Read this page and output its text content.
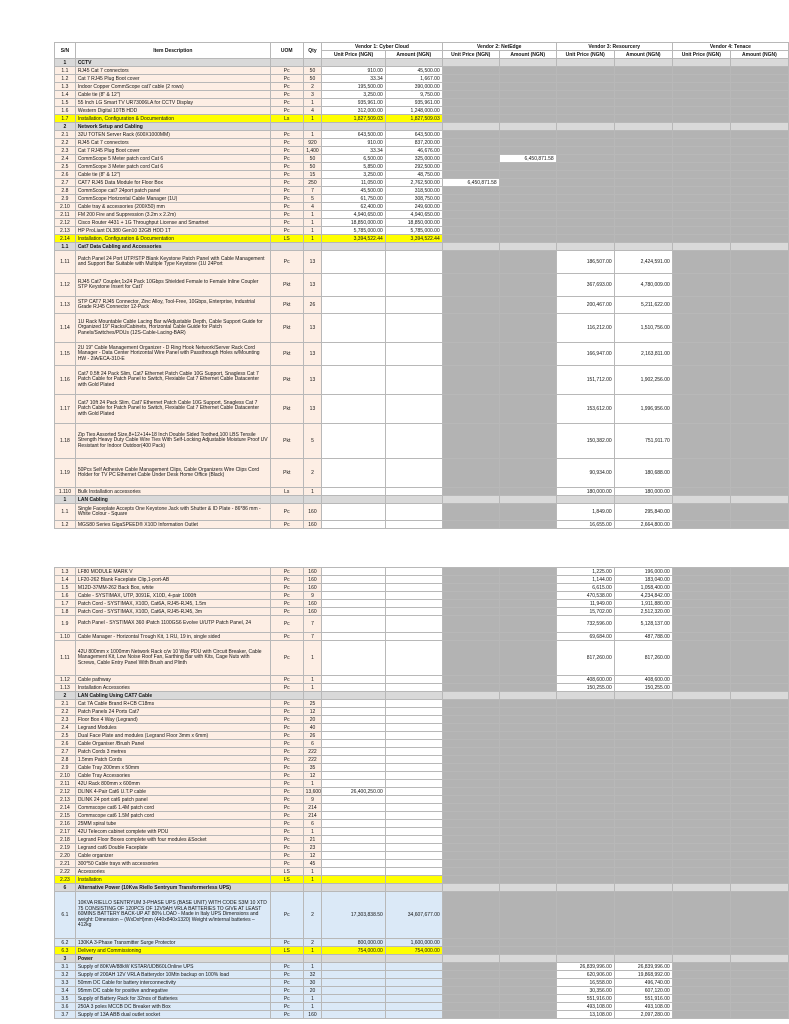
S/N	Item Description	UOM	Qty	Vendor 1: Cyber Cloud		Vendor 2: NetEdge		Vendor 3: Resourcery		Vendor 4: Tenace	
				Unit Price (NGN)	Amount (NGN)	Unit Price (NGN)	Amount (NGN)	Unit Price (NGN)	Amount (NGN)	Unit Price (NGN)	Amount (NGN)
1	CCTV										
1.1	RJ45 Cat 7 connectors	Pc	50	910.00	45,500.00						
1.2	Cat 7 RJ45 Plug Boot cover	Pc	50	33.34	1,667.00						
1.3	Indoor Copper CommScope cat7 cable (2 rows)	Pc	2	195,500.00	390,000.00						
1.4	Cable tie (8" & 12")	Pc	3	3,250.00	9,750.00						
1.5	55 Inch LG Smart TV UR73006LA for CCTV Display	Pc	1	935,961.00	935,961.00						
1.6	Western Digital 10TB HDD	Pc	4	312,000.00	1,248,000.00						
1.7	Installation, Configuration & Documentation	Ls	1	1,827,509.03	1,827,509.03						
2	Network Setup and Cabling										
2.1	32U TOTEN Server Rack (600X1000MM)	Pc	1	643,500.00	643,500.00						
2.2	RJ45 Cat 7 connectors	Pc	920	910.00	837,200.00						
2.3	Cat 7 RJ45 Plug Boot cover	Pc	1,400	33.34	46,676.00						
2.4	CommScope 5 Meter patch cord Cat 6	Pc	50	6,500.00	325,000.00		6,450,871.58				
2.5	CommScope 3 Meter patch cord Cat 6	Pc	50	5,850.00	292,500.00						
2.6	Cable tie (8" & 12")	Pc	15	3,250.00	48,750.00						
2.7	CAT7 RJ45 Data Module for Floor Box	Pc	250	11,050.00	2,762,500.00	6,450,871.58					
2.8	CommScope cat7 24port patch panel	Pc	7	45,500.00	318,500.00						
2.9	CommScope Horizontal Cable Manager (1U)	Pc	5	61,750.00	308,750.00						
2.10	Cable tray & accessories (200X50) mm	Pc	4	62,400.00	249,600.00						
2.11	FM 200 Fire and Suppression (3.2m x 2.2m)	Pc	1	4,940,650.00	4,940,650.00						
2.12	Cisco Router 4431 + 1G Throughput License and Smartnet	Pc	1	18,850,000.00	18,850,000.00						
2.13	HP ProLiant DL380 Gen10 32GB HDD 1T	Pc	1	5,785,000.00	5,785,000.00						
2.14	Installation, Configuration & Documentation	LS	1	3,394,522.44	3,394,522.44						
1.1	Cat7 Data Cabling and Accessories										
1.11	Patch Panel 24 Port UTP/STP Blank Keystone Patch Panel with Cable Management and Support Bar Suitable with Multiple Type Keystone (1U 24Port	Pc	13					186,507.00	2,424,591.00		
1.12	RJ45 Cat7 Coupler,1x24 Pack 10Gbps Shielded Female to Female Inline Coupler STP Keystone Insert for Cat7	Pkt	13					367,693.00	4,780,009.00		
1.13	STP CAT7 RJ45 Connector, Zinc Alloy, Tool-Free, 10Gbps, Enterprise, Industrial Grade RJ45 Connector 12-Pack	Pkt	26					200,467.00	5,211,622.00		
1.14	1U Rack Mountable Cable Lacing Bar w/Adjustable Depth, Cable Support Guide for Organized 19" Racks/Cabinets, Horizontal Cable Guide for Patch Panels/Switches/PDUs (12S-Cable-Lacing-BAR)	Pkt	13					116,212.00	1,510,756.00		
1.15	2U 19" Cable Management Organizer - D Ring Hook Network/Server Rack Cord Manager - Data Center Horizontal Wire Panel with Passthrough Holes w/Mounting HW - 2IA/ECA-310-E	Pkt	13					166,947.00	2,163,811.00		
1.16	Cat7 0.5ft 24 Pack Slim, Cat7 Ethernet Patch Cable 10G Support, Snagless Cat 7 Patch Cable for Patch Panel to Switch, Flexiable Cat 7 Ethernet Cable Datacenter with Gold Plated	Pkt	13					151,712.00	1,902,256.00		
1.17	Cat7 10ft 24 Pack Slim, Cat7 Ethernet Patch Cable 10G Support, Snagless Cat 7 Patch Cable for Patch Panel to Switch, Flexiable Cat 7 Ethernet Cable Datacenter with Gold Plated	Pkt	13					153,612.00	1,996,956.00		
1.18	Zip Ties Assorted Size,8+12+14+18 Inch Double Sided Toothed,100 LBS Tensile Strength Heavy Duty Cable Wire Ties With Self-Locking Adjustable Moisture Proof UV Resistant for Indoor Outdoor(400 Pack)	Pkt	5					150,382.00	751,911.70		
1.19	50Pcs Self Adhesive Cable Management Clips, Cable Organizers Wire Clips Cord Holder for TV PC Ethernet Cable Under Desk Home Office (Black)	Pkt	2					90,934.00	180,688.00		
1.110	Bulk Installation accessories	Ls	1					180,000.00	180,000.00		
1	LAN Cabling										
1.1	Single Faceplate Accepts One Keystone Jack with Shutter & ID Plate - 86*86 mm - White Colour - Square	Pc	160					1,849.00	295,840.00		
1.2	MGS80 Series GigaSPEED® X10D Information Outlet	Pc	160					16,655.00	2,664,800.00		
1.3	LF80 MODULE MARK V	Pc	160					1,225.00	196,000.00		
1.4	LF20-262 Blank Faceplate Clip,1-port-AB	Pc	160					1,144.00	183,040.00		
1.5	M12D-37MM-262 Back Box, white	Pc	160					6,615.00	1,058,400.00		
1.6	Cable - SYSTIMAX, UTP, 3091E, X10D, 4-pair 1000ft	Pc	9					470,538.00	4,234,842.00		
1.7	Patch Cord - SYSTIMAX, X10D, Cat6A, RJ45-RJ45, 1.5m	Pc	160					11,949.00	1,911,880.00		
1.8	Patch Cord - SYSTIMAX, X10D, Cat6A, RJ45-RJ45, 3m	Pc	160					15,702.00	2,512,320.00		
1.9	Patch Panel - SYSTIMAX 360 iPatch 1100GS6 Evolve U/UTP Patch Panel, 24	Pc	7					732,596.00	5,128,137.00		
1.10	Cable Manager - Horizontal Trough Kit, 1 RU, 19 in, single sided	Pc	7					69,684.00	487,788.00		
1.11	42U 800mm x 1000mm Network Rack c/w 10 Way PDU with Circuit Breaker, Cable Management Kit, Low Noise Roof Fan, Earthing Bar with Kits, Cage Nuts with Screws, Cable Entry Panel With Brush and Plinth	Pc	1					817,260.00	817,260.00		
1.12	Cable pathway	Pc	1					408,600.00	408,600.00		
1.13	Installation Accessories	Pc	1					150,255.00	150,255.00		
2	LAN Cabling Using CAT7 Cable										
2.1	Cat 7A Cable Brand R+CB C18ms	Pc	25								
2.2	Patch Panels 24 Ports Cat7	Pc	12								
2.3	Floor Box 4 Way (Legrand)	Pc	20								
2.4	Legrand Modules	Pc	40								
2.5	Dual Face Plate and modules (Legrand Floor 3mm x 6mm)	Pc	26								
2.6	Cable Organiser /Brush Panel	Pc	6								
2.7	Patch Cords 3 metres	Pc	222								
2.8	1.5mm Patch Cords	Pc	222								
2.9	Cable Tray 200mm x 50mm	Pc	35								
2.10	Cable Tray Accessories	Pc	12								
2.11	42U Rack 800mm x 600mm	Pc	1								
2.12	DLINK 4-Pair Cat6 U.T.P cable	Pc	13,600	26,400,250.00							
2.13	DLINK 24 port cat6 patch panel	Pc	9								
2.14	Commscope cat6 1.4M patch cord	Pc	214								
2.15	Commscope cat6 1.5M patch cord	Pc	214								
2.16	25MM spiral tube	Pc	6								
2.17	42U Telecom cabinet complete with PDU	Pc	1								
2.18	Legrand Floor Boxes complete with four modules &Socket	Pc	21								
2.19	Legrand cat6 Double Faceplate	Pc	23								
2.20	Cable organizer	Pc	12								
2.21	300*50 Cable trays with accessories	Pc	45								
2.22	Accessories	LS	1								
2.23	Installation	LS	1								
6	Alternative Power (10Kva Riello Sentryum Transformerless UPS)										
6.1	10KVA RIELLO SENTRYUM 3-PHASE UPS (BASE UNIT) WITH CODE S3M 10 XTD 75 CONSISTING OF 120PCS OF 12V9AH VRLA BATTERIES TO GIVE AT LEAST 60MINS BATTERY BACK-UP AT 80% LOAD - Made in Italy UPS Dimensions and weight: Dimension – (WxDxH)mm (440x840x1320) Weight w/internal batteries – 412kg	Pc	2	17,303,838.50	34,607,677.00						
6.2	130KA 3-Phase Transmitter Surge Protector	Pc	2	800,000.00	1,600,000.00						
6.3	Delivery and Commissioning	LS	1	754,000.00	754,000.00						
3	Power										
3.1	Supply of 80KVA/88kW KSTAR/UDB60LOnline UPS	Pc	1					26,839,996.00	26,839,996.00		
3.2	Supply of 200AH 12V VRLA Batterydor 10Mtn backup on 100% load	Pc	32					620,906.00	19,868,992.00		
3.3	50mm DC Cable for battery interconnectivity	Pc	30					16,558.00	496,740.00		
3.4	95mm DC cable for positive andnegative	Pc	20					30,356.00	607,120.00		
3.5	Supply of Battery Rack for 32nos of Batteries	Pc	1					551,916.00	551,916.00		
3.6	250A 3 poles MCCB DC Breaker with Box	Pc	1					493,108.00	493,108.00		
3.7	Supply of 13A ABB dual outlet socket	Pc	160					13,108.00	2,097,280.00		
